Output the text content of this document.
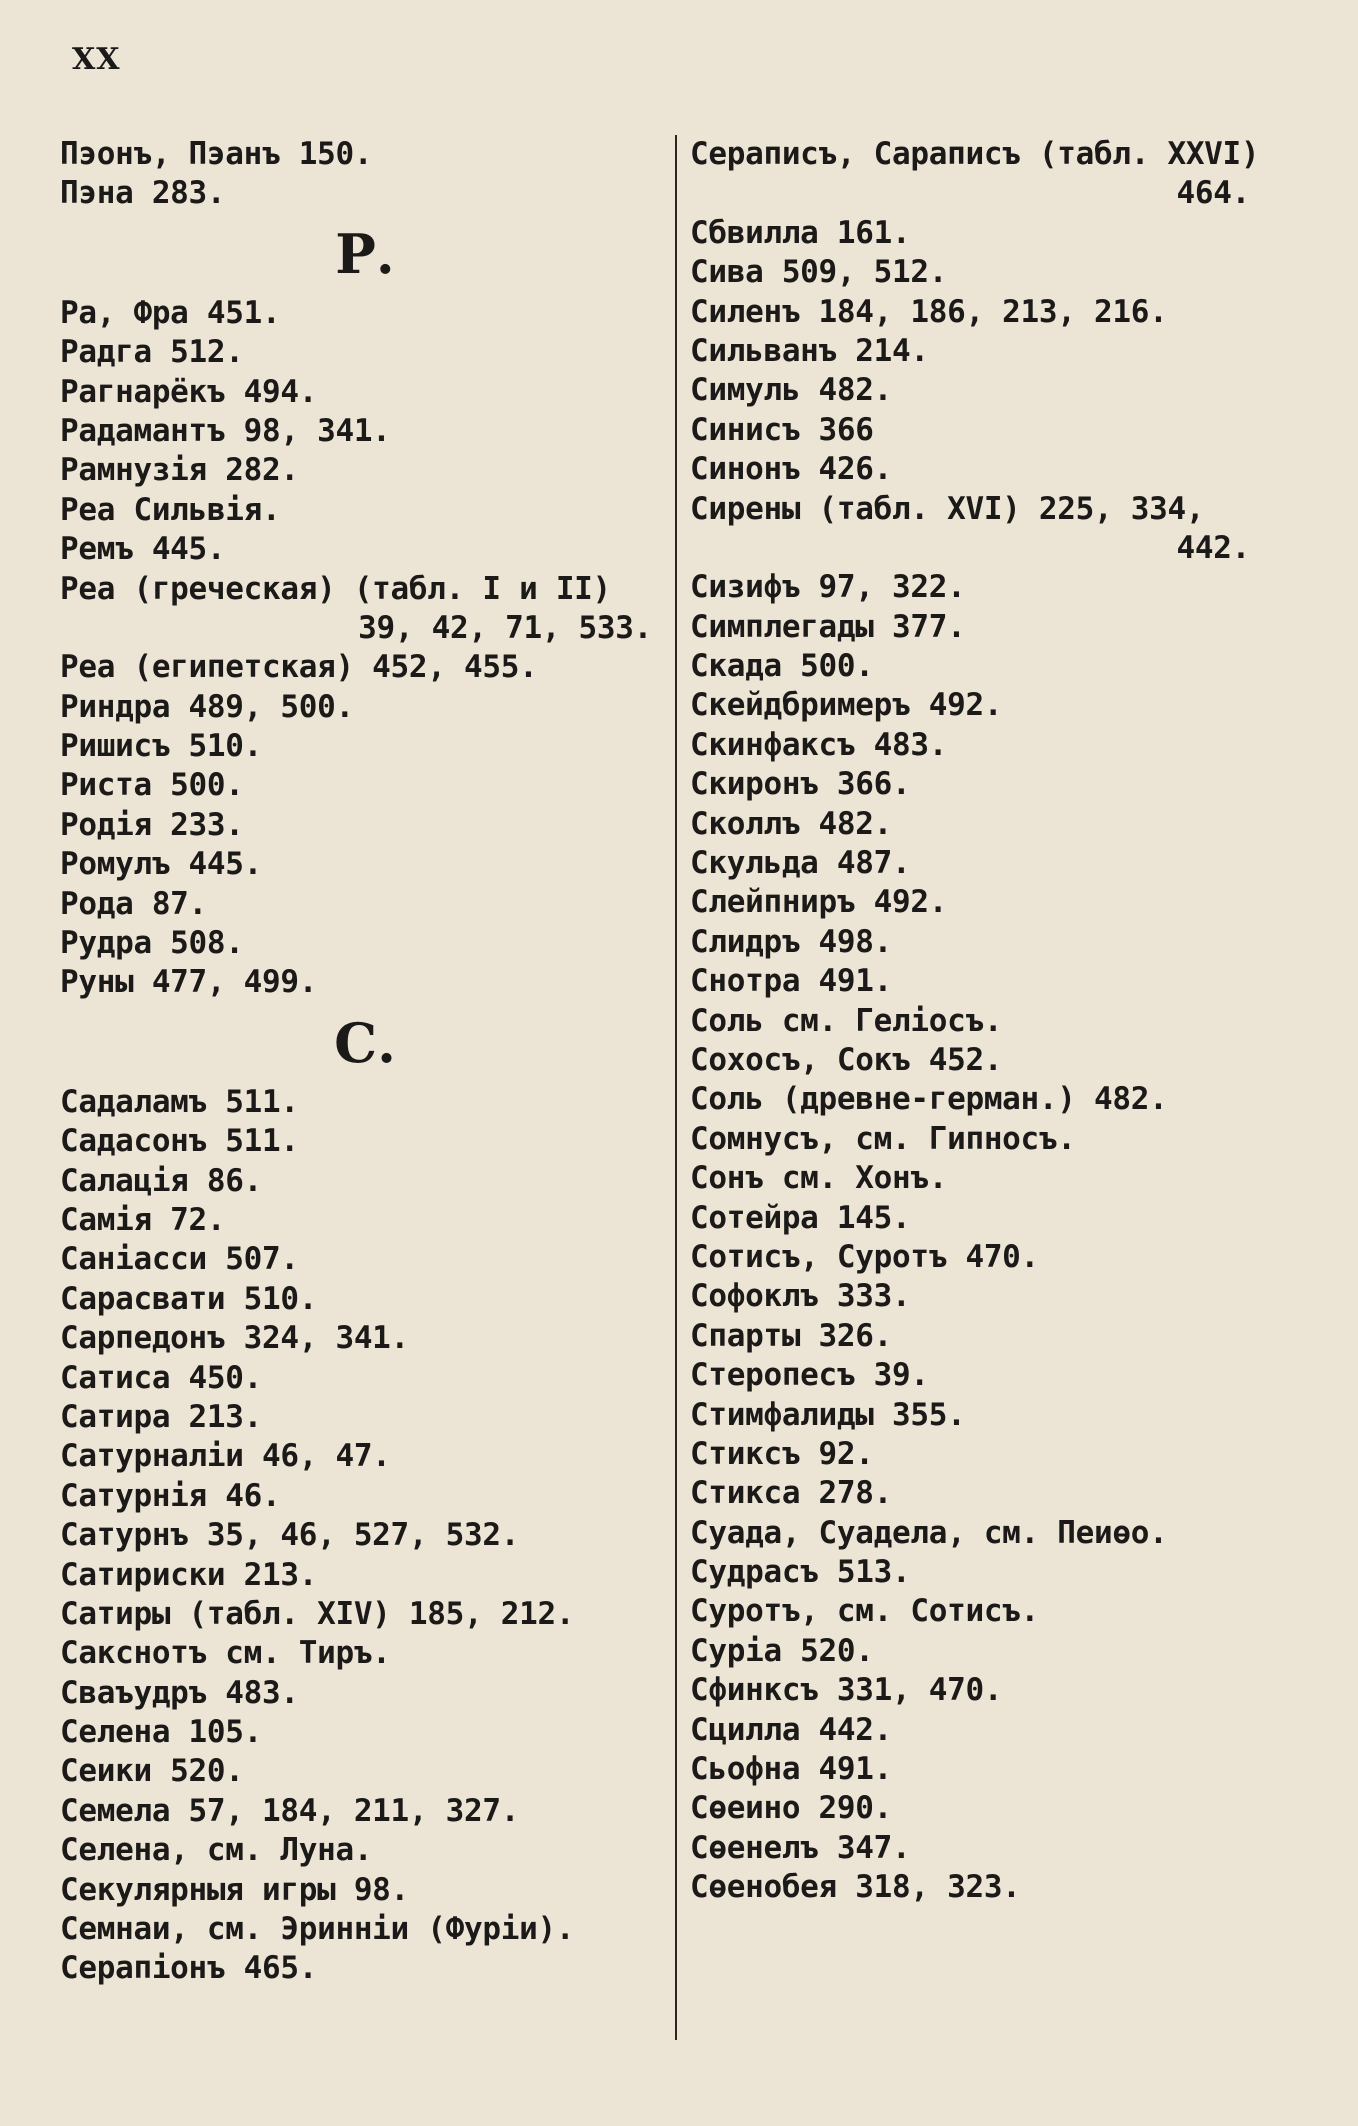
XX
Пэонъ, Пэанъ 150.
Пэна 283.
Р.
Ра, Фра 451.
Радга 512.
Рагнарёкъ 494.
Радамантъ 98, 341.
Рамнузія 282.
Реа Сильвія.
Ремъ 445.
Реа (греческая) (табл. I и II)
39, 42, 71, 533.
Реа (египетская) 452, 455.
Риндра 489, 500.
Ришисъ 510.
Риста 500.
Родія 233.
Ромулъ 445.
Рода 87.
Рудра 508.
Руны 477, 499.
С.
Садаламъ 511.
Садасонъ 511.
Салація 86.
Самія 72.
Саніасси 507.
Сарасвати 510.
Сарпедонъ 324, 341.
Сатиса 450.
Сатира 213.
Сатурналіи 46, 47.
Сатурнія 46.
Сатурнъ 35, 46, 527, 532.
Сатириски 213.
Сатиры (табл. XIV) 185, 212.
Сакснотъ см. Тиръ.
Сваъудръ 483.
Селена 105.
Сеики 520.
Семела 57, 184, 211, 327.
Селена, см. Луна.
Секулярныя игры 98.
Семнаи, см. Эринніи (Фуріи).
Серапіонъ 465.
Сераписъ, Сараписъ (табл. XXVI)
464.
Сбвилла 161.
Сива 509, 512.
Силенъ 184, 186, 213, 216.
Сильванъ 214.
Симуль 482.
Синисъ 366
Синонъ 426.
Сирены (табл. XVI) 225, 334,
442.
Сизифъ 97, 322.
Симплегады 377.
Скада 500.
Скейдбримеръ 492.
Скинфаксъ 483.
Скиронъ 366.
Сколлъ 482.
Скульда 487.
Слейпниръ 492.
Слидръ 498.
Снотра 491.
Соль см. Геліосъ.
Сохосъ, Сокъ 452.
Соль (древне-герман.) 482.
Сомнусъ, см. Гипносъ.
Сонъ см. Хонъ.
Сотейра 145.
Сотисъ, Суротъ 470.
Софоклъ 333.
Спарты 326.
Стеропесъ 39.
Стимфалиды 355.
Стиксъ 92.
Стикса 278.
Суада, Суадела, см. Пеиѳо.
Судрасъ 513.
Суротъ, см. Сотисъ.
Суріа 520.
Сфинксъ 331, 470.
Сцилла 442.
Сьофна 491.
Сѳеино 290.
Сѳенелъ 347.
Сѳенобея 318, 323.
